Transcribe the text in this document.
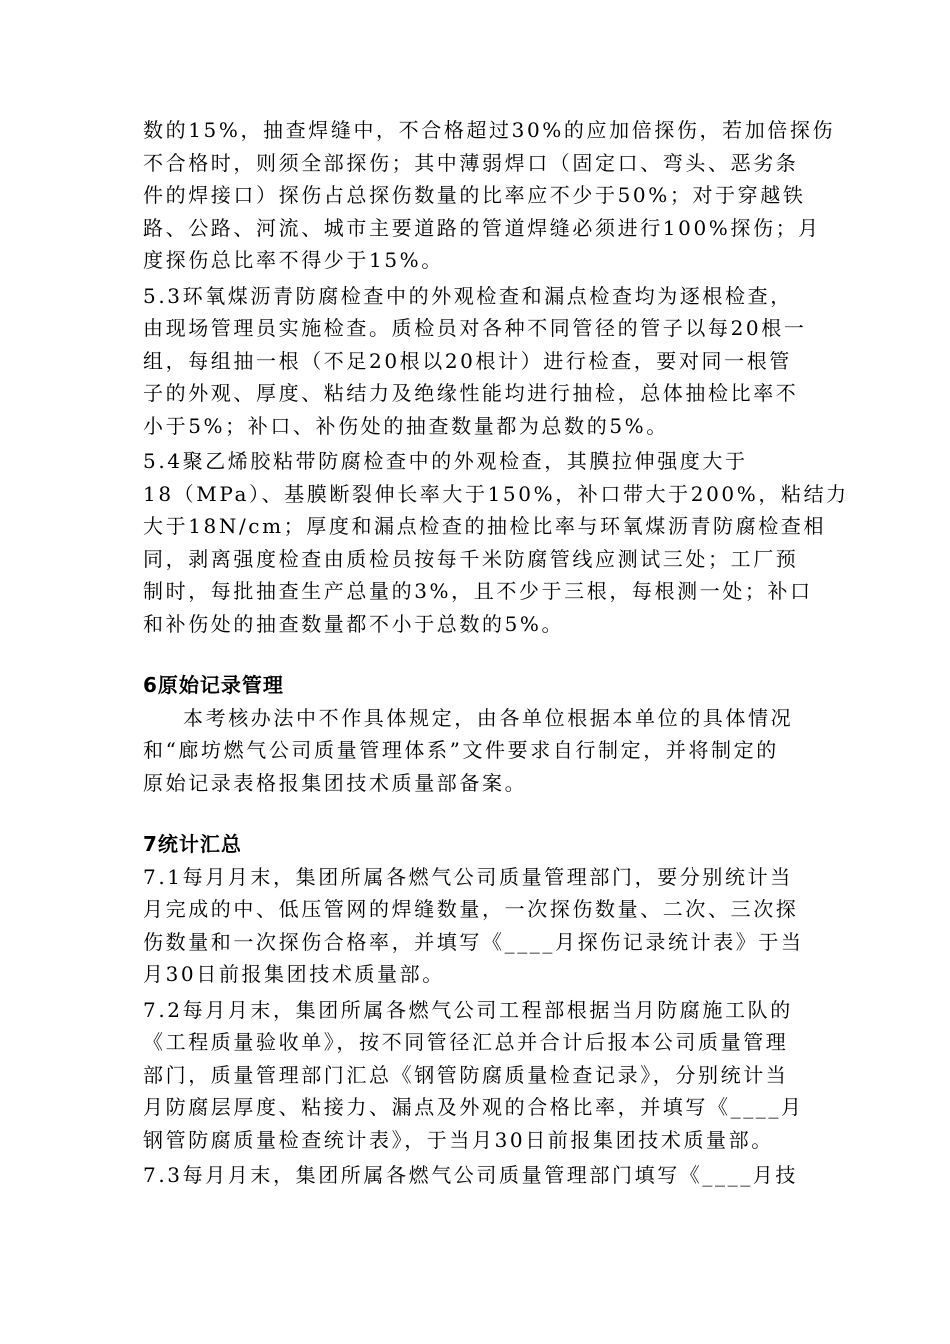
数的15%，抽查焊缝中，不合格超过30%的应加倍探伤，若加倍探伤
不合格时，则须全部探伤；其中薄弱焊口（固定口、弯头、恶劣条
件的焊接口）探伤占总探伤数量的比率应不少于50%；对于穿越铁
路、公路、河流、城市主要道路的管道焊缝必须进行100%探伤；月
度探伤总比率不得少于15%。
5.3环氧煤沥青防腐检查中的外观检查和漏点检查均为逐根检查，
由现场管理员实施检查。质检员对各种不同管径的管子以每20根一
组，每组抽一根（不足20根以20根计）进行检查，要对同一根管
子的外观、厚度、粘结力及绝缘性能均进行抽检，总体抽检比率不
小于5%；补口、补伤处的抽查数量都为总数的5%。
5.4聚乙烯胶粘带防腐检查中的外观检查，其膜拉伸强度大于
18（MPa）、基膜断裂伸长率大于150%，补口带大于200%，粘结力
大于18N/cm；厚度和漏点检查的抽检比率与环氧煤沥青防腐检查相
同，剥离强度检查由质检员按每千米防腐管线应测试三处；工厂预
制时，每批抽查生产总量的3%，且不少于三根，每根测一处；补口
和补伤处的抽查数量都不小于总数的5%。
6原始记录管理
本考核办法中不作具体规定，由各单位根据本单位的具体情况
和“廊坊燃气公司质量管理体系”文件要求自行制定，并将制定的
原始记录表格报集团技术质量部备案。
7统计汇总
7.1每月月末，集团所属各燃气公司质量管理部门，要分别统计当
月完成的中、低压管网的焊缝数量，一次探伤数量、二次、三次探
伤数量和一次探伤合格率，并填写《____月探伤记录统计表》于当
月30日前报集团技术质量部。
7.2每月月末，集团所属各燃气公司工程部根据当月防腐施工队的
《工程质量验收单》，按不同管径汇总并合计后报本公司质量管理
部门，质量管理部门汇总《钢管防腐质量检查记录》，分别统计当
月防腐层厚度、粘接力、漏点及外观的合格比率，并填写《____月
钢管防腐质量检查统计表》，于当月30日前报集团技术质量部。
7.3每月月末，集团所属各燃气公司质量管理部门填写《____月技
